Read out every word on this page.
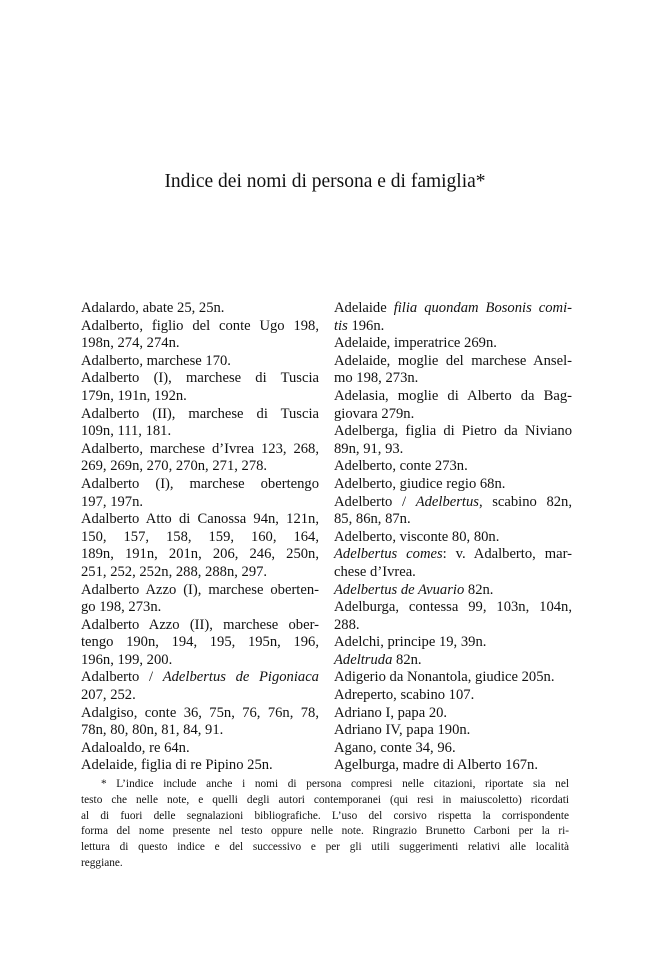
Indice dei nomi di persona e di famiglia*
Adalardo, abate 25, 25n.
Adalberto, figlio del conte Ugo 198,
198n, 274, 274n.
Adalberto, marchese 170.
Adalberto (I), marchese di Tuscia
179n, 191n, 192n.
Adalberto (II), marchese di Tuscia
109n, 111, 181.
Adalberto, marchese d’Ivrea 123, 268,
269, 269n, 270, 270n, 271, 278.
Adalberto (I), marchese obertengo
197, 197n.
Adalberto Atto di Canossa 94n, 121n,
150, 157, 158, 159, 160, 164,
189n, 191n, 201n, 206, 246, 250n,
251, 252, 252n, 288, 288n, 297.
Adalberto Azzo (I), marchese oberten-
go 198, 273n.
Adalberto Azzo (II), marchese ober-
tengo 190n, 194, 195, 195n, 196,
196n, 199, 200.
Adalberto / Adelbertus de Pigoniaca
207, 252.
Adalgiso, conte 36, 75n, 76, 76n, 78,
78n, 80, 80n, 81, 84, 91.
Adaloaldo, re 64n.
Adelaide, figlia di re Pipino 25n.
Adelaide filia quondam Bosonis comi-
tis 196n.
Adelaide, imperatrice 269n.
Adelaide, moglie del marchese Ansel-
mo 198, 273n.
Adelasia, moglie di Alberto da Bag-
giovara 279n.
Adelberga, figlia di Pietro da Niviano
89n, 91, 93.
Adelberto, conte 273n.
Adelberto, giudice regio 68n.
Adelberto / Adelbertus, scabino 82n,
85, 86n, 87n.
Adelberto, visconte 80, 80n.
Adelbertus comes: v. Adalberto, mar-
chese d’Ivrea.
Adelbertus de Avuario 82n.
Adelburga, contessa 99, 103n, 104n,
288.
Adelchi, principe 19, 39n.
Adeltruda 82n.
Adigerio da Nonantola, giudice 205n.
Adreperto, scabino 107.
Adriano I, papa 20.
Adriano IV, papa 190n.
Agano, conte 34, 96.
Agelburga, madre di Alberto 167n.
* L’indice include anche i nomi di persona compresi nelle citazioni, riportate sia nel
testo che nelle note, e quelli degli autori contemporanei (qui resi in maiuscoletto) ricordati
al di fuori delle segnalazioni bibliografiche. L’uso del corsivo rispetta la corrispondente
forma del nome presente nel testo oppure nelle note. Ringrazio Brunetto Carboni per la ri-
lettura di questo indice e del successivo e per gli utili suggerimenti relativi alle località
reggiane.
